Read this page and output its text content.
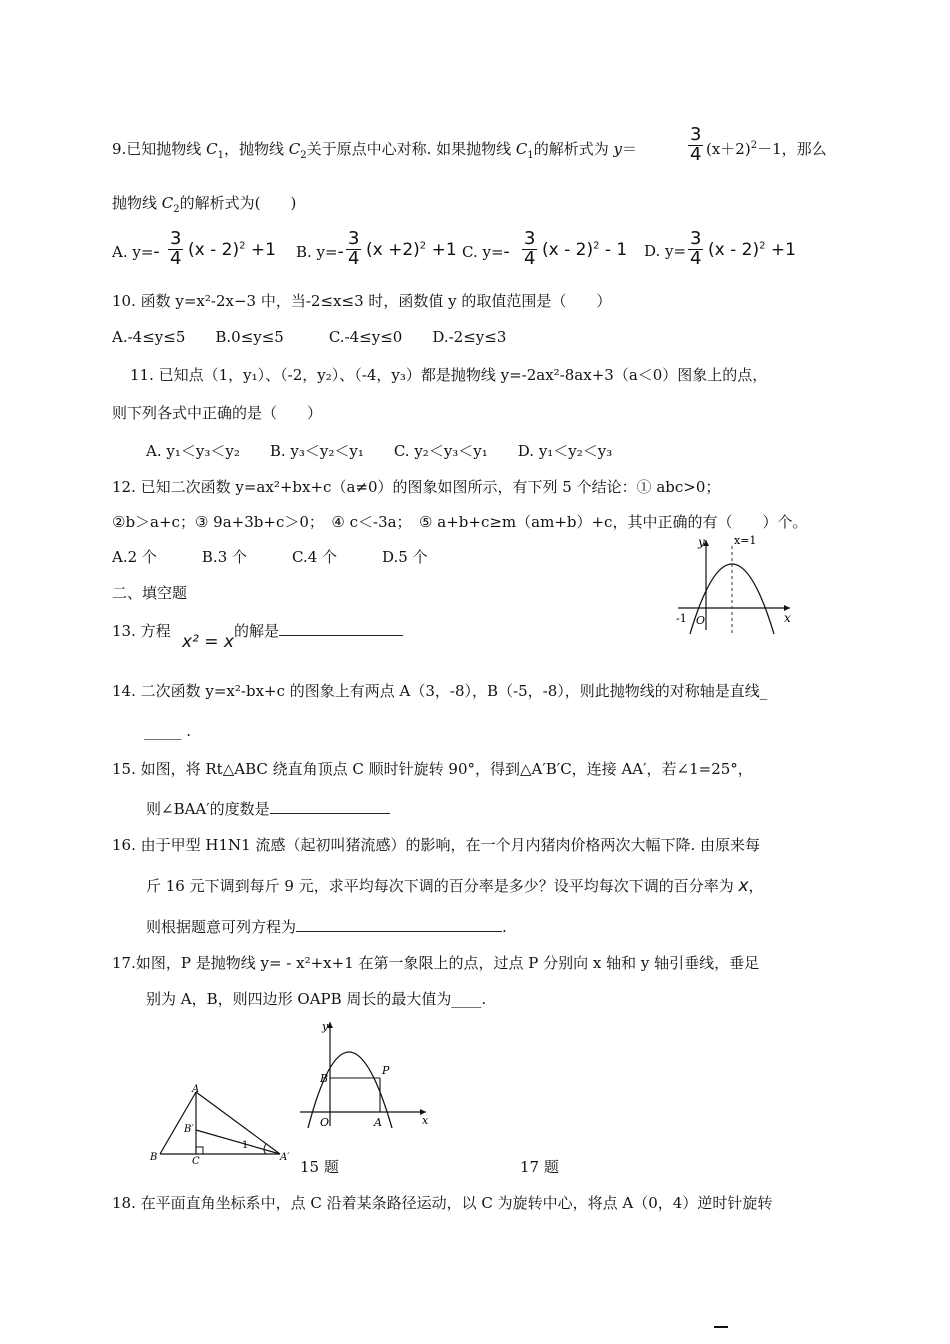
9.已知抛物线 $C_1$，抛物线 $C_2$关于原点中心对称. 如果抛物线 $C_1$的解析式为 y＝	$\frac{3}{4} (x+2)^2-1$，那么
抛物线 $C_2$的解析式为(　　)
A. $y=- \frac{3}{4} (x - 2)^2 +1$ B. $y=- \frac{3}{4} (x +2)^2 +1$ C. $y=- \frac{3}{4} (x - 2)^2 - 1$ D. $y= \frac{3}{4} (x - 2)^2 +1$
10. 函数 y=x²-2x−3 中，当-2≤x≤3 时，函数值 y 的取值范围是（　　）
A.-4≤y≤5　　B.0≤y≤5　　　C.-4≤y≤0　　D.-2≤y≤3
11. 已知点（1，y₁）、（-2，y₂）、（-4，y₃）都是抛物线 y=-2ax²-8ax+3（a＜0）图象上的点，
则下列各式中正确的是（　　）
A. y₁＜y₃＜y₂　　B. y₃＜y₂＜y₁　　C. y₂＜y₃＜y₁　　D. y₁＜y₂＜y₃
12. 已知二次函数 y=ax²+bx+c（a≠0）的图象如图所示，有下列 5 个结论：① abc>0；
②b＞a+c；③ 9a+3b+c＞0；　④ c＜-3a；　⑤ a+b+c≥m（am+b）+c，其中正确的有（　　）个。
A.2 个　　　B.3 个　　　C.4 个　　　D.5 个
y
x
x=1
-1 O
二、填空题
13. 方程
x² = x
的解是
14. 二次函数 y=x²-bx+c 的图象上有两点 A（3，-8），B（-5，-8），则此抛物线的对称轴是直线_
_____ .
15. 如图，将 Rt△ABC 绕直角顶点 C 顺时针旋转 90°，得到△A′B′C，连接 AA′，若∠1=25°，
则∠BAA′的度数是
16. 由于甲型 H1N1 流感（起初叫猪流感）的影响，在一个月内猪肉价格两次大幅下降. 由原来每
斤 16 元下调到每斤 9 元，求平均每次下调的百分率是多少？设平均每次下调的百分率为 x，
则根据题意可列方程为	.
17.如图，P 是抛物线 y= - x²+x+1 在第一象限上的点，过点 P 分别向 x 轴和 y 轴引垂线，垂足
别为 A，B，则四边形 OAPB 周长的最大值为____.
A
B	C
B′
A′
1
15 题
y
x
O	A
B
P
17 题
18. 在平面直角坐标系中，点 C 沿着某条路径运动，以 C 为旋转中心，将点 A（0，4）逆时针旋转
